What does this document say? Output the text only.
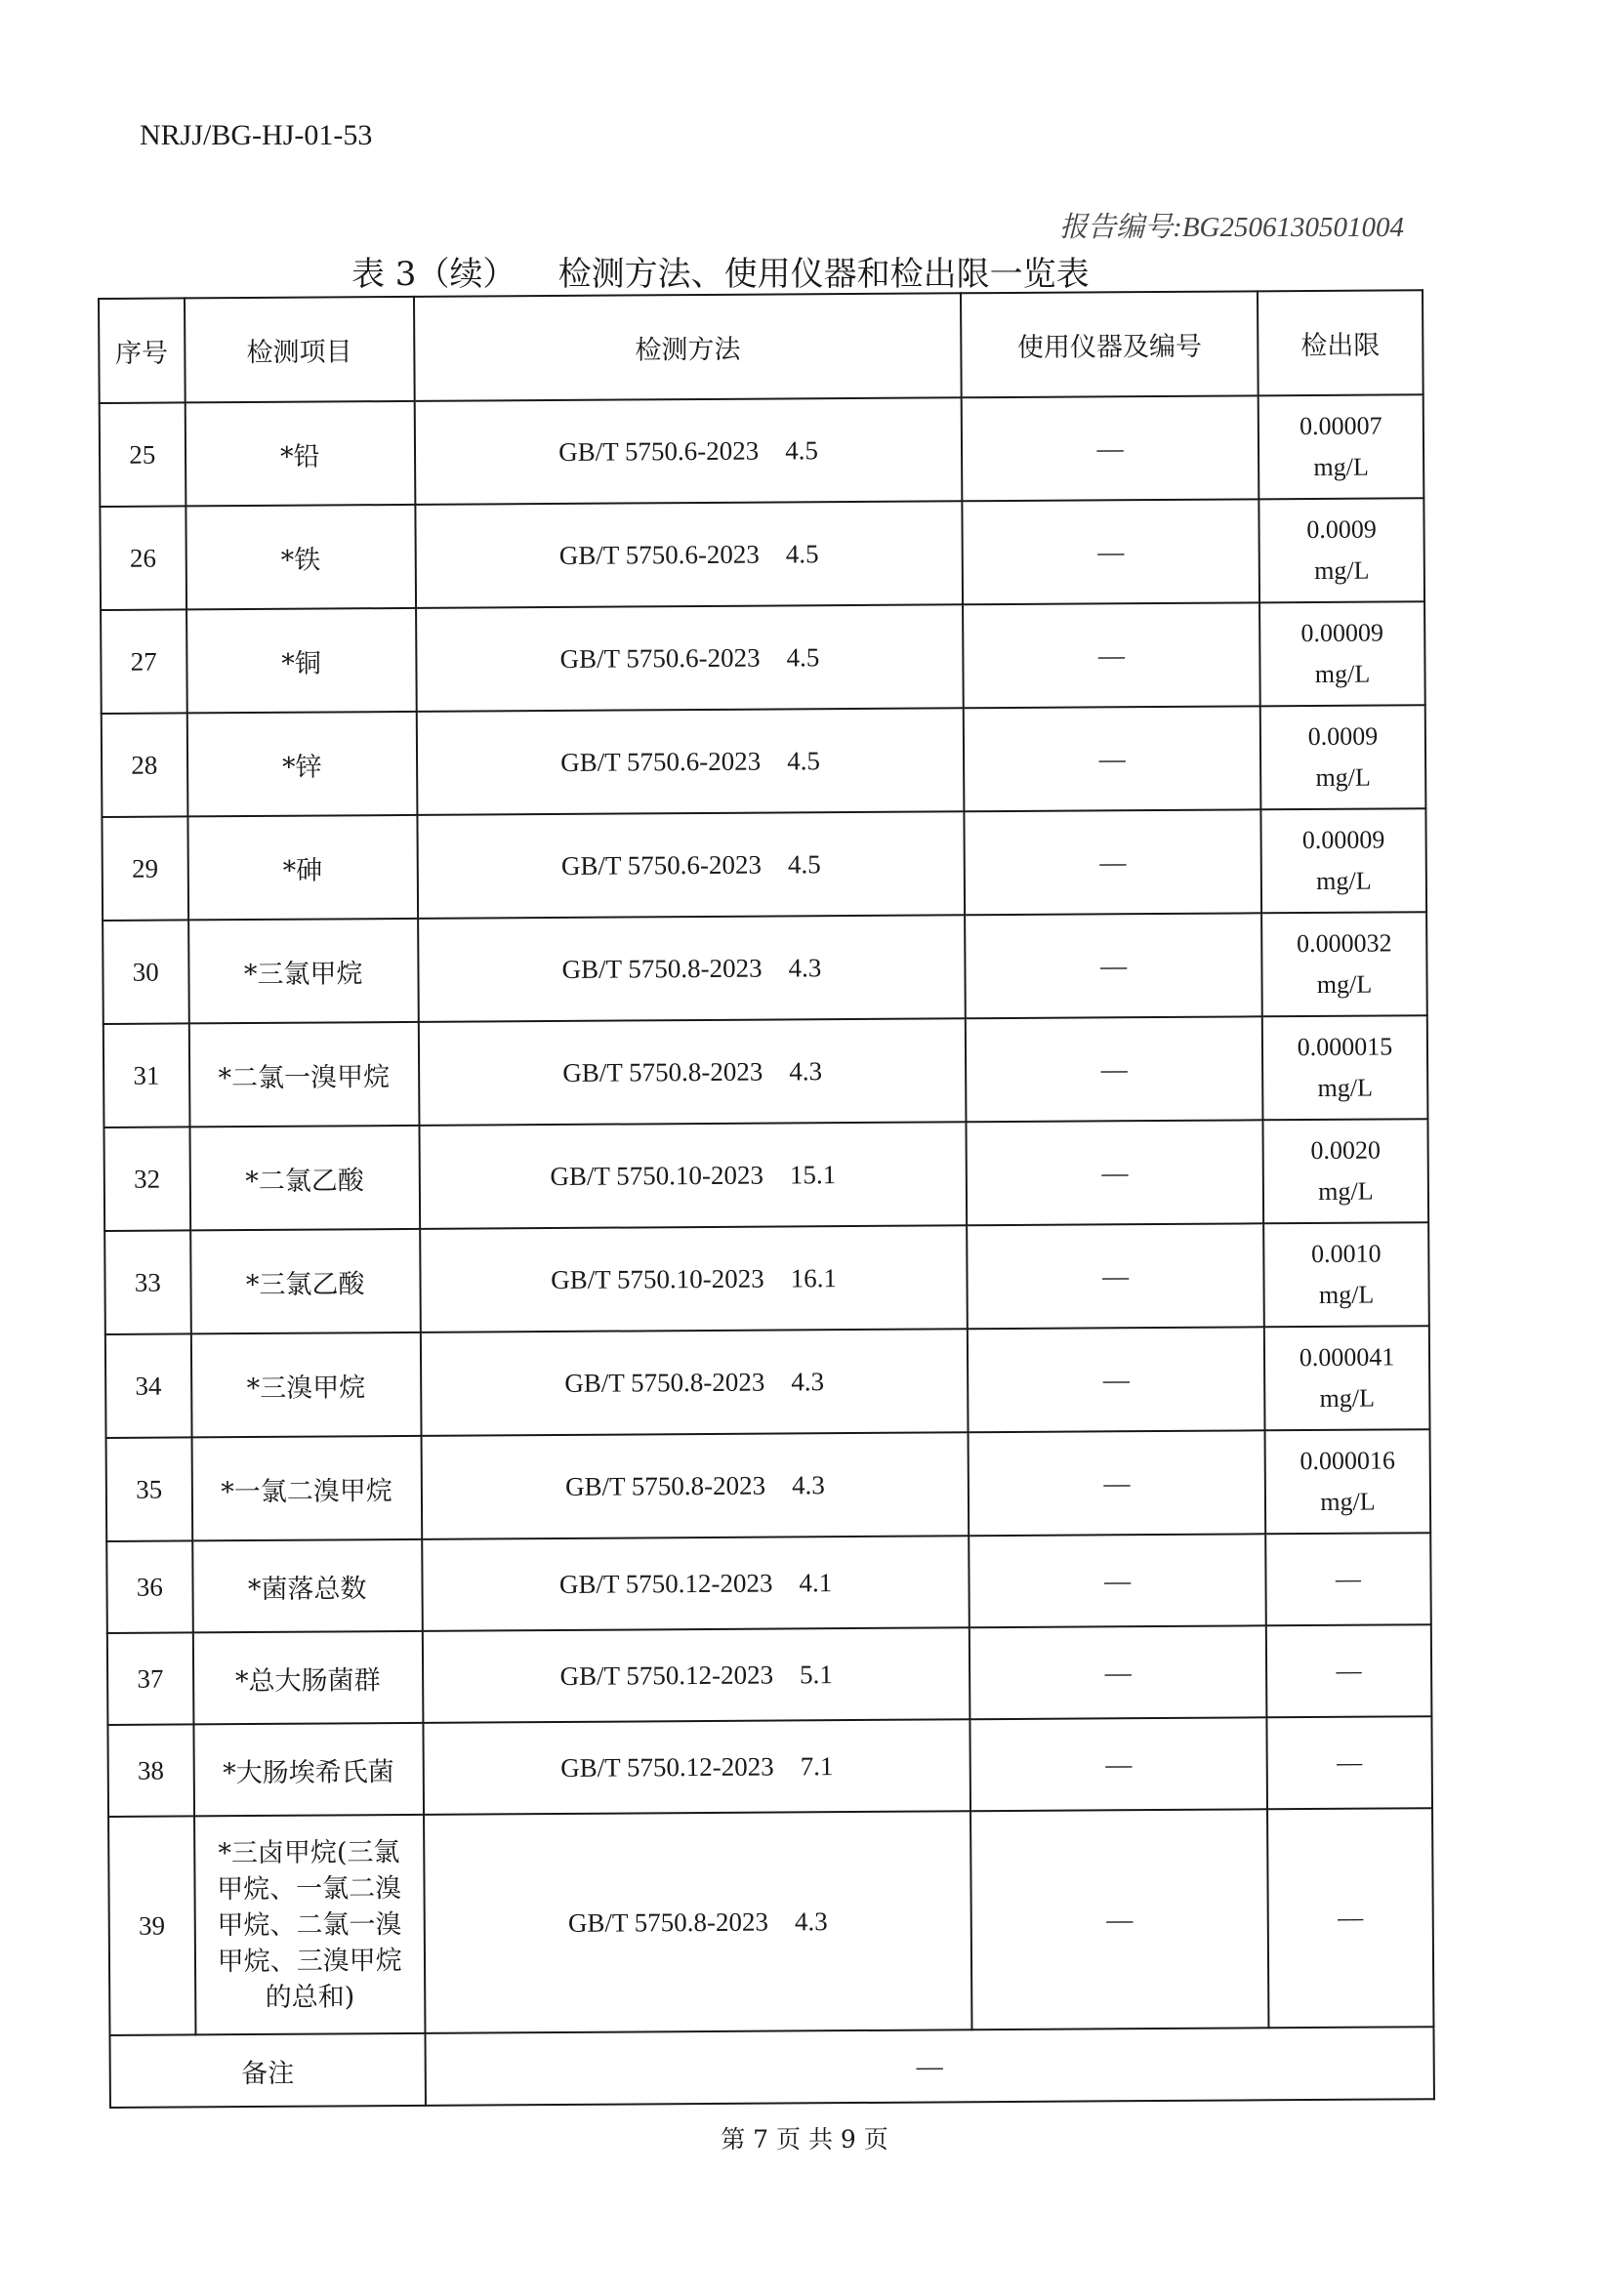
NRJJ/BG-HJ-01-53
报告编号:BG2506130501004
表 3（续）    检测方法、使用仪器和检出限一览表
序号	检测项目	检测方法	使用仪器及编号	检出限
25	*铅	GB/T 5750.6-2023    4.5	—	0.00007
mg/L

26	*铁	GB/T 5750.6-2023    4.5	—	0.0009
mg/L

27	*铜	GB/T 5750.6-2023    4.5	—	0.00009
mg/L

28	*锌	GB/T 5750.6-2023    4.5	—	0.0009
mg/L

29	*砷	GB/T 5750.6-2023    4.5	—	0.00009
mg/L

30	*三氯甲烷	GB/T 5750.8-2023    4.3	—	0.000032
mg/L

31	*二氯一溴甲烷	GB/T 5750.8-2023    4.3	—	0.000015
mg/L

32	*二氯乙酸	GB/T 5750.10-2023    15.1	—	0.0020
mg/L

33	*三氯乙酸	GB/T 5750.10-2023    16.1	—	0.0010
mg/L

34	*三溴甲烷	GB/T 5750.8-2023    4.3	—	0.000041
mg/L

35	*一氯二溴甲烷	GB/T 5750.8-2023    4.3	—	0.000016
mg/L

36	*菌落总数	GB/T 5750.12-2023    4.1	—	—

37	*总大肠菌群	GB/T 5750.12-2023    5.1	—	—

38	*大肠埃希氏菌	GB/T 5750.12-2023    7.1	—	—

39	*三卤甲烷(三氯
甲烷、一氯二溴
甲烷、二氯一溴
甲烷、三溴甲烷
的总和)	GB/T 5750.8-2023    4.3	—	—

备注		—		
第 7 页 共 9 页
